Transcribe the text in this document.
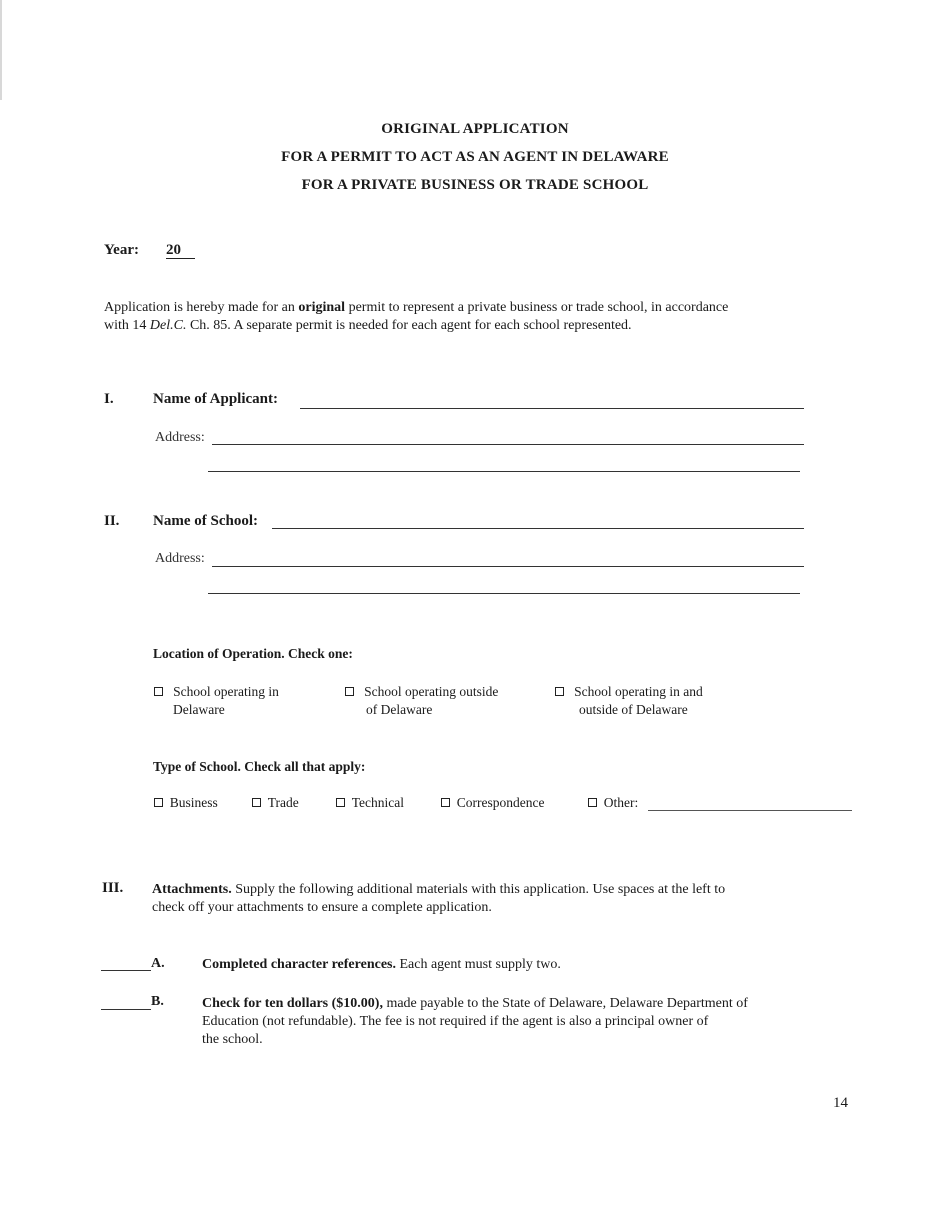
ORIGINAL APPLICATION
FOR A PERMIT TO ACT AS AN AGENT IN DELAWARE
FOR A PRIVATE BUSINESS OR TRADE SCHOOL
Year: 20
Application is hereby made for an original permit to represent a private business or trade school, in accordance
with 14 Del.C. Ch. 85. A separate permit is needed for each agent for each school represented.
I.	Name of Applicant:
Address:
II. Name of School:
Address:
Location of Operation. Check one:
School operating in
Delaware
School operating outside
of Delaware
School operating in and
outside of Delaware
Type of School. Check all that apply:
Business	Trade	Technical	Correspondence	Other:
III. Attachments. Supply the following additional materials with this application. Use spaces at the left to
check off your attachments to ensure a complete application.
A.	Completed character references. Each agent must supply two.
B.	Check for ten dollars ($10.00), made payable to the State of Delaware, Delaware Department of
Education (not refundable). The fee is not required if the agent is also a principal owner of
the school.
14
